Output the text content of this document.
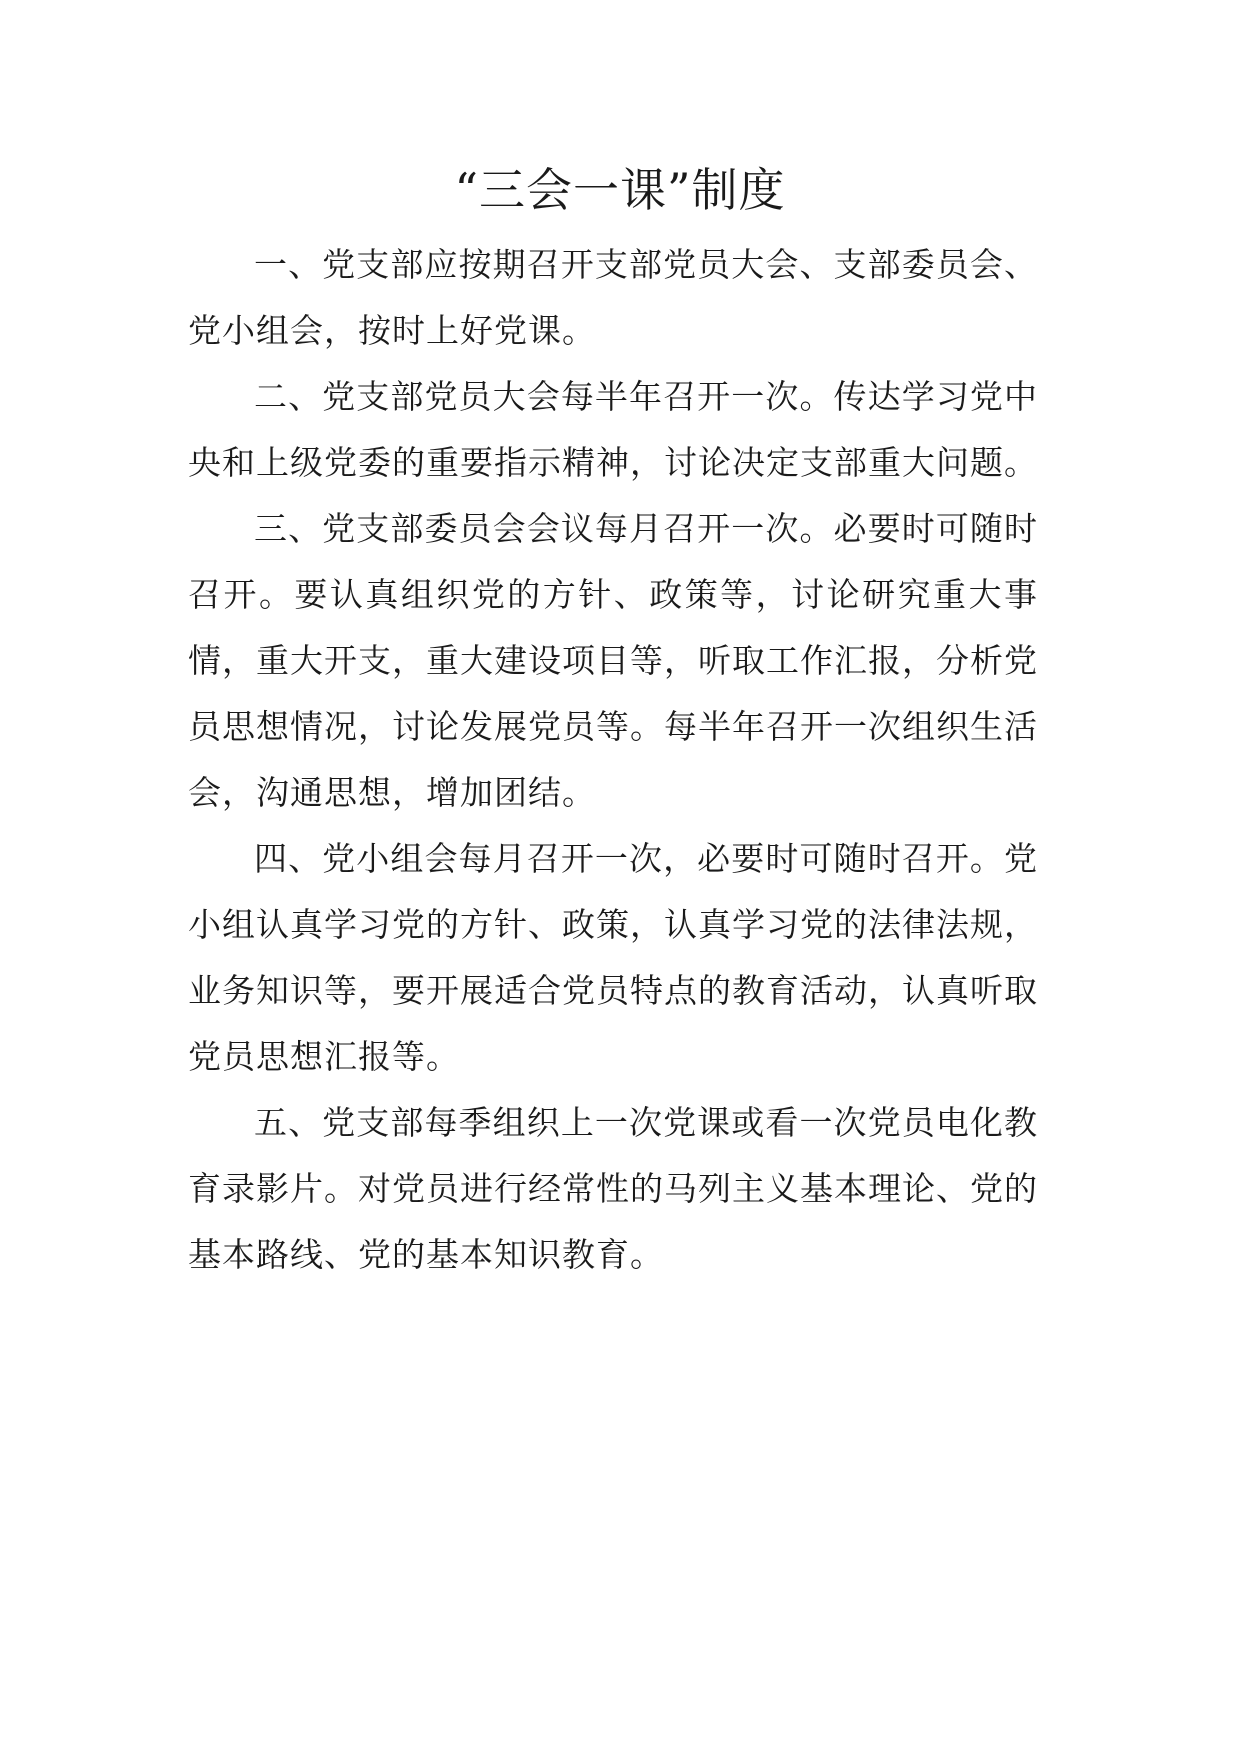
“三会一课”制度

一、党支部应按期召开支部党员大会、支部委员会、党小组会，按时上好党课。

二、党支部党员大会每半年召开一次。传达学习党中央和上级党委的重要指示精神，讨论决定支部重大问题。

三、党支部委员会会议每月召开一次。必要时可随时召开。要认真组织党的方针、政策等，讨论研究重大事情，重大开支，重大建设项目等，听取工作汇报，分析党员思想情况，讨论发展党员等。每半年召开一次组织生活会，沟通思想，增加团结。

四、党小组会每月召开一次，必要时可随时召开。党小组认真学习党的方针、政策，认真学习党的法律法规，业务知识等，要开展适合党员特点的教育活动，认真听取党员思想汇报等。

五、党支部每季组织上一次党课或看一次党员电化教育录影片。对党员进行经常性的马列主义基本理论、党的基本路线、党的基本知识教育。
